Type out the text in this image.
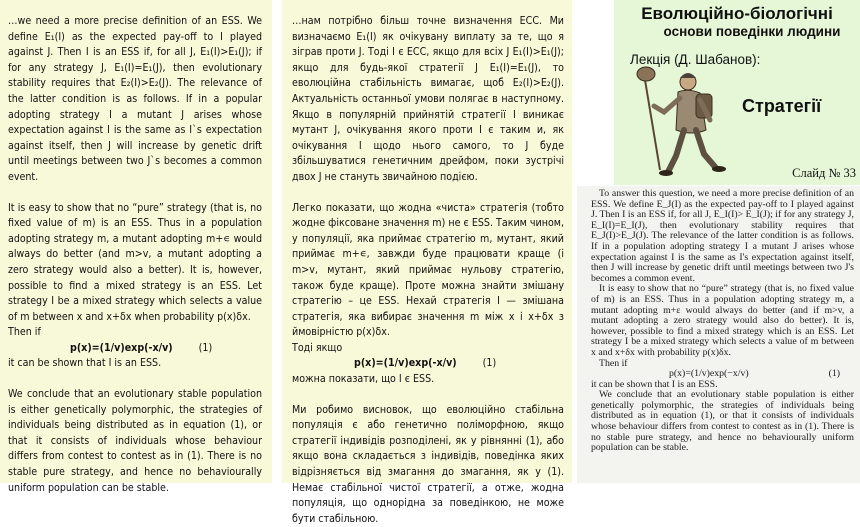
…we need a more precise definition of an ESS. We define E₁(I) as the expected pay-off to I played against J. Then I is an ESS if, for all J, E₁(I)>E₁(J); if for any strategy J, E₁(I)=E₁(J), then evolutionary stability requires that E₂(I)>E₂(J). The relevance of the latter condition is as follows. If in a popular adopting strategy I a mutant J arises whose expectation against I is the same as I`s expectation against itself, then J will increase by genetic drift until meetings between two J`s becomes a common event.

It is easy to show that no “pure” strategy (that is, no fixed value of m) is an ESS. Thus in a population adopting strategy m, a mutant adopting m+∊ would always do better (and m>v, a mutant adopting a zero strategy would also a better). It is, however, possible to find a mixed strategy is an ESS. Let strategy I be a mixed strategy which selects a value of m between x and x+δx when probability p(x)δx.

Then if

p(x)=(1/v)exp(-x/v) (1)

it can be shown that I is an ESS.

We conclude that an evolutionary stable population is either genetically polymorphic, the strategies of individuals being distributed as in equation (1), or that it consists of individuals whose behaviour differs from contest to contest as in (1). There is no stable pure strategy, and hence no behaviourally uniform population can be stable.

…нам потрібно більш точне визначення ЕСС. Ми визначаємо E₁(I) як очікувану виплату за те, що я зіграв проти J. Тоді I є ЕСС, якщо для всіх J E₁(I)>E₁(J); якщо для будь-якої стратегії J E₁(I)=E₁(J), то еволюційна стабільність вимагає, щоб E₂(I)>E₂(J). Актуальність останньої умови полягає в наступному. Якщо в популярній прийнятій стратегії I виникає мутант J, очікування якого проти I є таким и, як очікування I щодо нього самого, то J буде збільшуватися генетичним дрейфом, поки зустрічі двох J не стануть звичайною подією.

Легко показати, що жодна «чиста» стратегія (тобто жодне фіксоване значення m) не є ESS. Таким чином, у популяції, яка приймає стратегію m, мутант, який приймає m+∊, завжди буде працювати краще (і m>v, мутант, який приймає нульову стратегію, також буде краще). Проте можна знайти змішану стратегію – це ESS. Нехай стратегія I — змішана стратегія, яка вибирає значення m між x і x+δx з ймовірністю p(x)δx.

Тоді якщо

p(x)=(1/v)exp(-x/v) (1)

можна показати, що I є ESS.

Ми робимо висновок, що еволюційно стабільна популяція є або генетично поліморфною, якщо стратегії індивідів розподілені, як у рівнянні (1), або якщо вона складається з індивідів, поведінка яких відрізняється від змагання до змагання, як у (1). Немає стабільної чистої стратегії, а отже, жодна популяція, що однорідна за поведінкою, не може бути стабільною.

Еволюційно-біологічні
основи поведінки людини
Лекція (Д. Шабанов):
Стратегії
Слайд № 33

To answer this question, we need a more precise definition of an ESS. We define E_J(I) as the expected pay-off to I played against J. Then I is an ESS if, for all J, E_I(I)> E_I(J); if for any strategy J, E_I(I)=E_I(J), then evolutionary stability requires that E_J(I)>E_J(J). The relevance of the latter condition is as follows. If in a population adopting strategy I a mutant J arises whose expectation against I is the same as I's expectation against itself, then J will increase by genetic drift until meetings between two J's becomes a common event.

It is easy to show that no “pure” strategy (that is, no fixed value of m) is an ESS. Thus in a population adopting strategy m, a mutant adopting m+ε would always do better (and if m>v, a mutant adopting a zero strategy would also do better). It is, however, possible to find a mixed strategy which is an ESS. Let strategy I be a mixed strategy which selects a value of m between x and x+δx with probability p(x)δx.

Then if

p(x)=(1/v)exp(−x/v)	(1)

it can be shown that I is an ESS.

We conclude that an evolutionary stable population is either genetically polymorphic, the strategies of individuals being distributed as in equation (1), or that it consists of individuals whose behaviour differs from contest to contest as in (1). There is no stable pure strategy, and hence no behaviourally uniform population can be stable.
